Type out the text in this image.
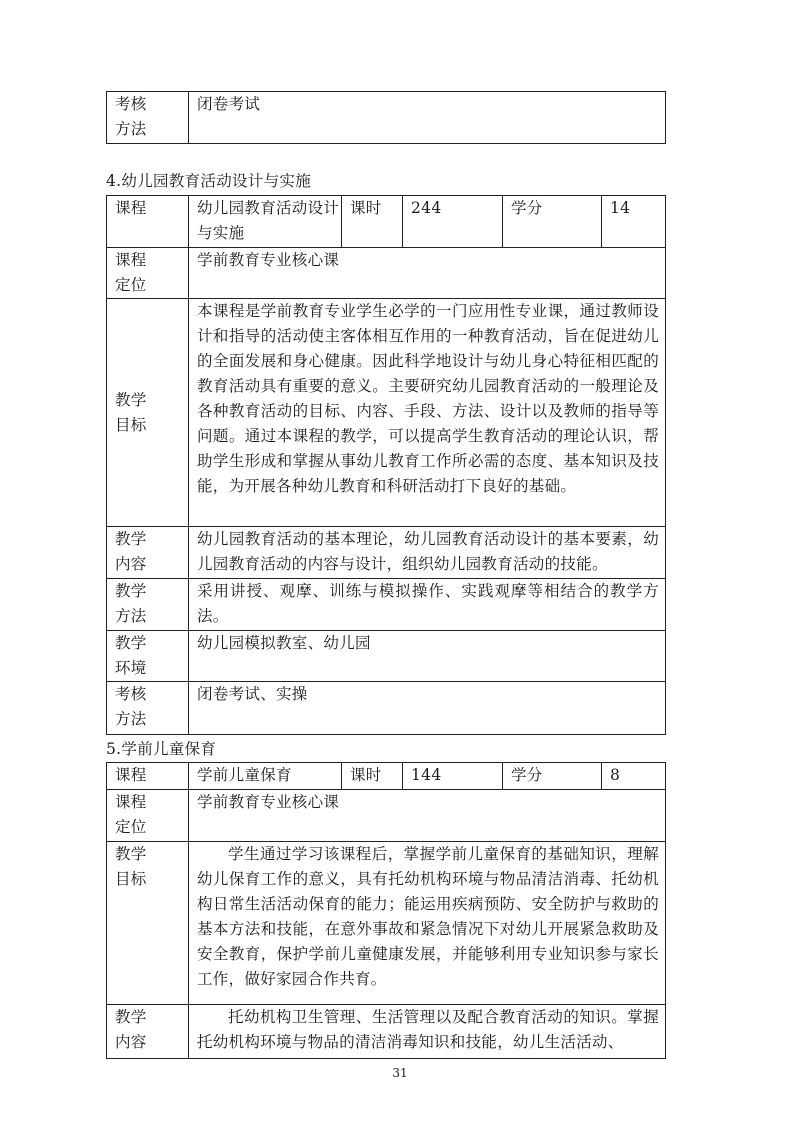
考核
方法
	闭卷考试
4.幼儿园教育活动设计与实施
课程	幼儿园教育活动设计与实施	课时	244	学分	14

课程
定位	学前教育专业核心课				

教学
目标	本课程是学前教育专业学生必学的一门应用性专业课，通过教师设计和指导的活动使主客体相互作用的一种教育活动，旨在促进幼儿的全面发展和身心健康。因此科学地设计与幼儿身心特征相匹配的教育活动具有重要的意义。主要研究幼儿园教育活动的一般理论及各种教育活动的目标、内容、手段、方法、设计以及教师的指导等问题。通过本课程的教学，可以提高学生教育活动的理论认识，帮助学生形成和掌握从事幼儿教育工作所必需的态度、基本知识及技能，为开展各种幼儿教育和科研活动打下良好的基础。				

教学
内容	幼儿园教育活动的基本理论，幼儿园教育活动设计的基本要素，幼儿园教育活动的内容与设计，组织幼儿园教育活动的技能。				

教学
方法	采用讲授、观摩、训练与模拟操作、实践观摩等相结合的教学方法。				

教学
环境	幼儿园模拟教室、幼儿园				

考核
方法	闭卷考试、实操				
5.学前儿童保育
课程	学前儿童保育	课时	144	学分	8

课程
定位	学前教育专业核心课				

教学
目标	学生通过学习该课程后，掌握学前儿童保育的基础知识，理解幼儿保育工作的意义，具有托幼机构环境与物品清洁消毒、托幼机构日常生活活动保育的能力；能运用疾病预防、安全防护与救助的基本方法和技能，在意外事故和紧急情况下对幼儿开展紧急救助及安全教育，保护学前儿童健康发展，并能够利用专业知识参与家长工作，做好家园合作共育。				

教学
内容	托幼机构卫生管理、生活管理以及配合教育活动的知识。掌握托幼机构环境与物品的清洁消毒知识和技能，幼儿生活活动、				
31
